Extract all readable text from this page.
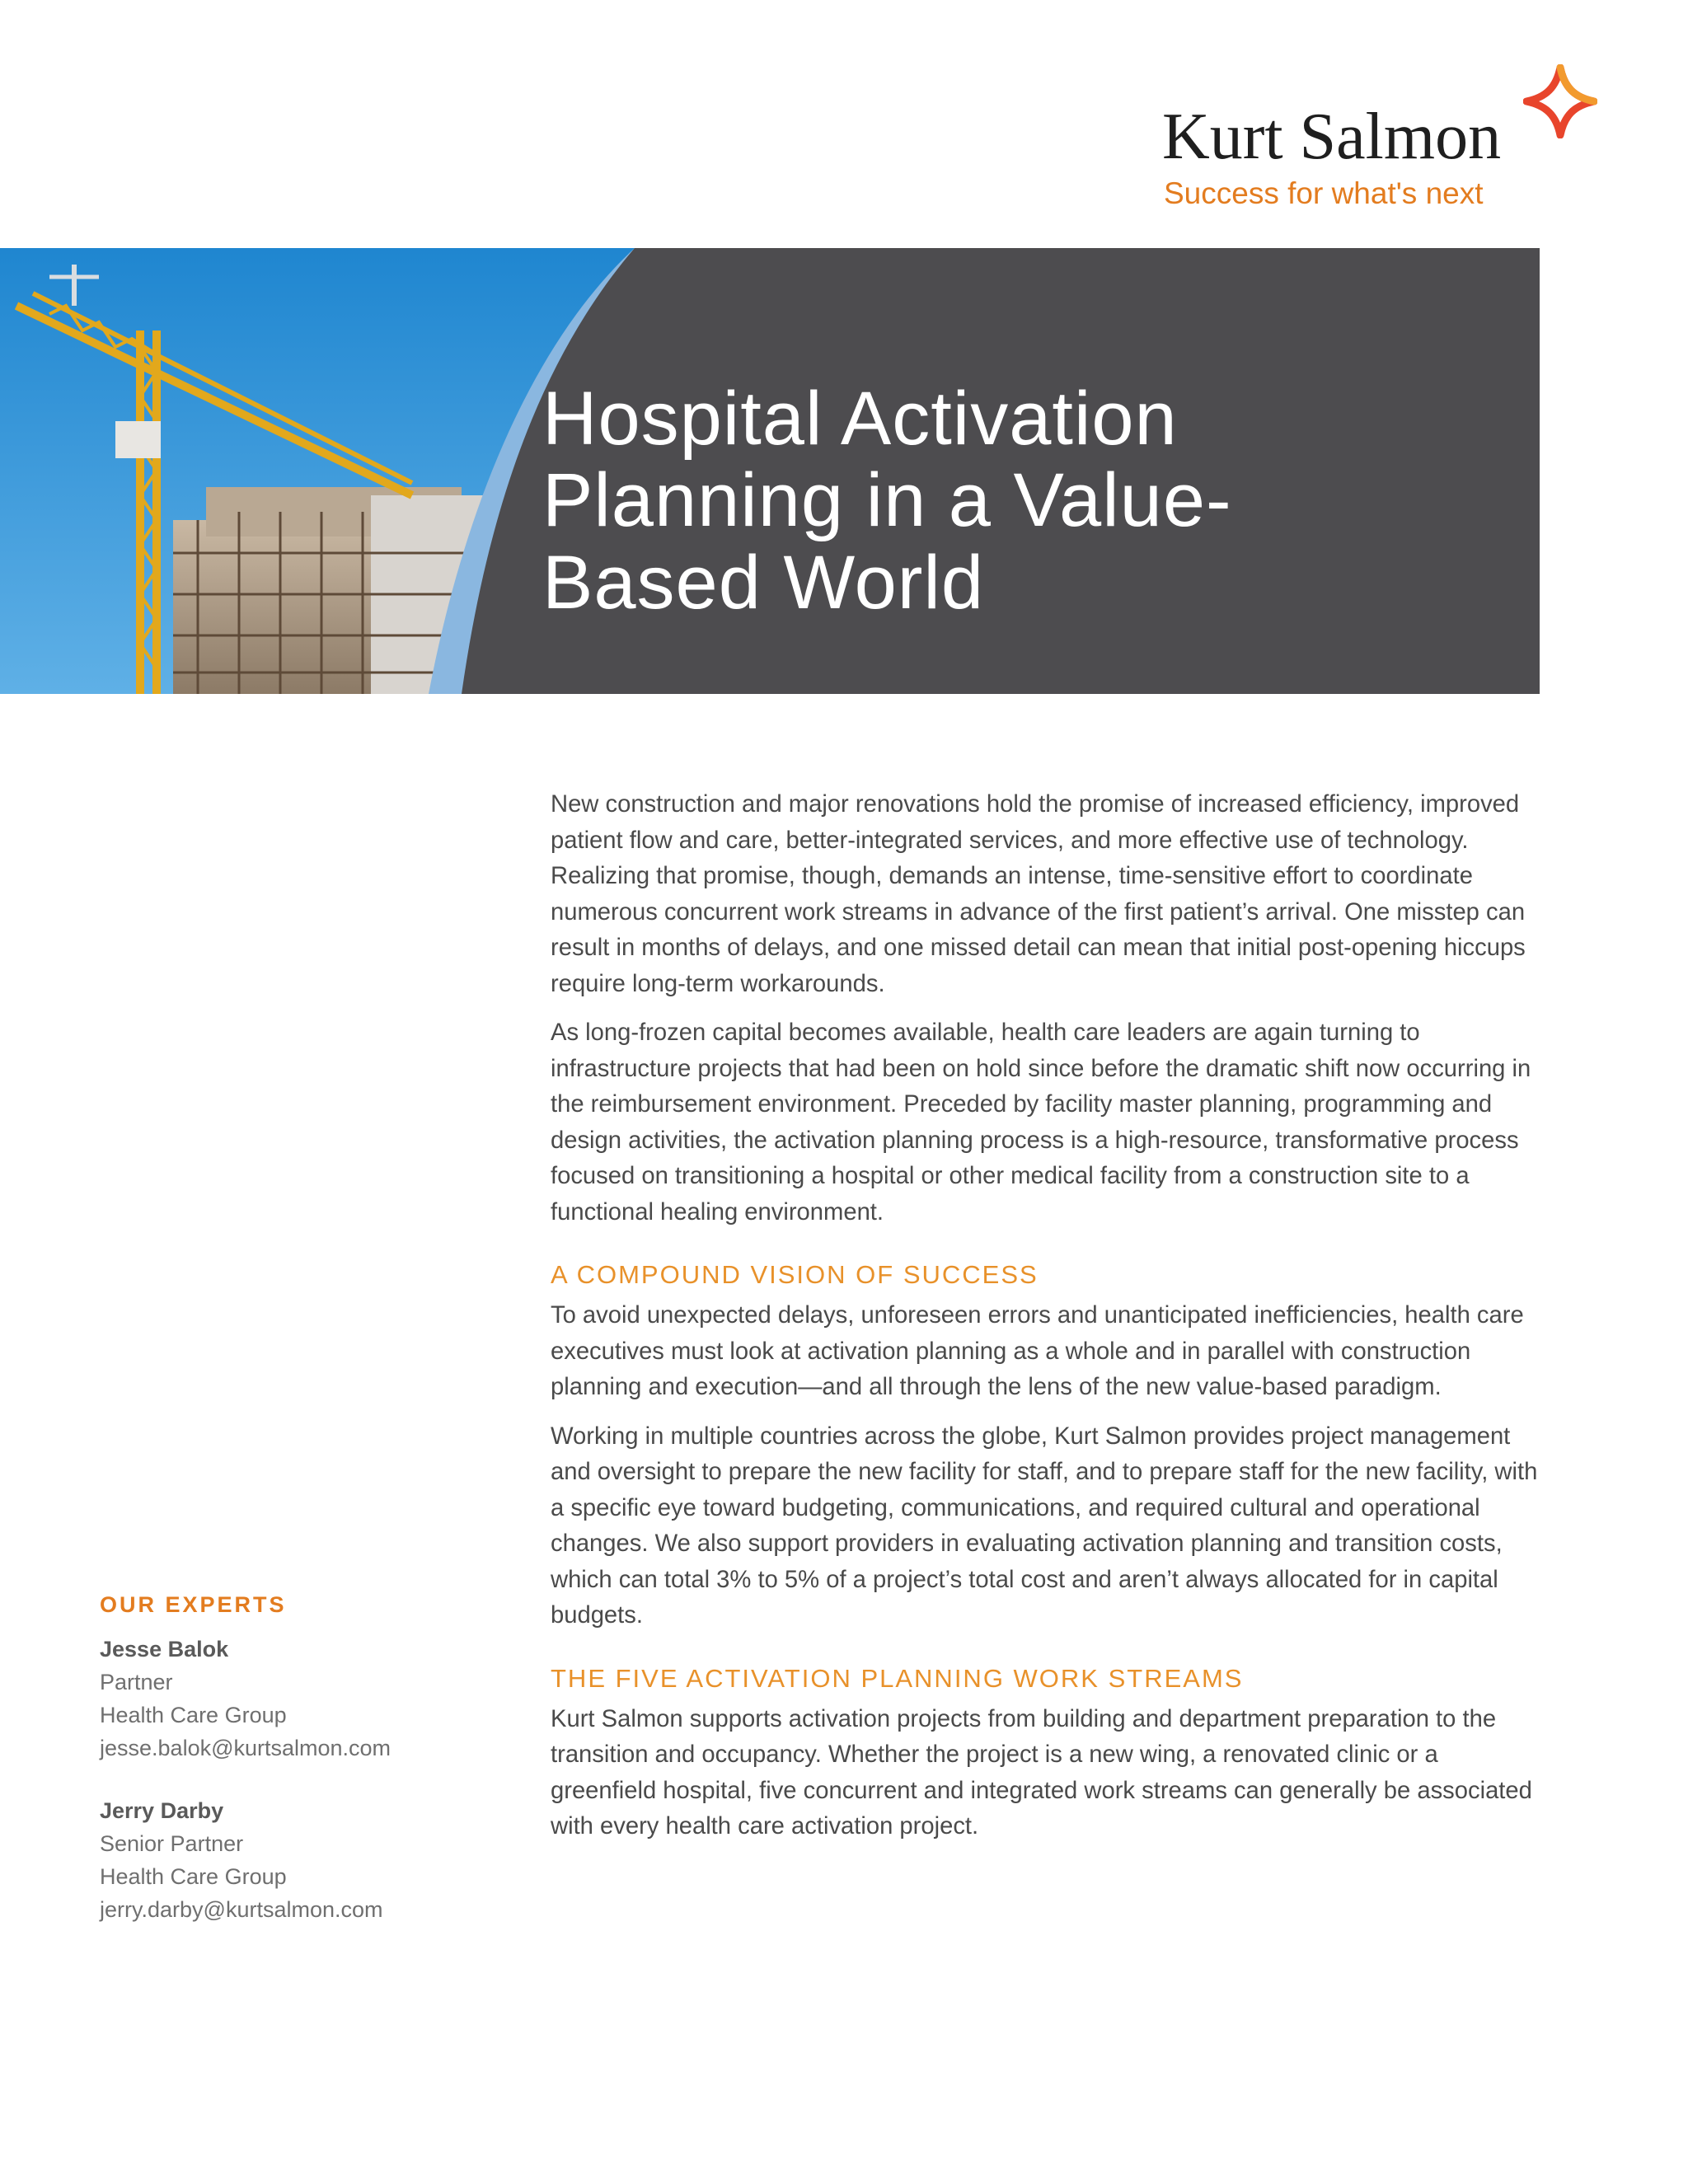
Kurt Salmon
Success for what's next
Hospital Activation
Planning in a Value-
Based World
OUR EXPERTS
Jesse Balok
Partner
Health Care Group
jesse.balok@kurtsalmon.com
Jerry Darby
Senior Partner
Health Care Group
jerry.darby@kurtsalmon.com

New construction and major renovations hold the promise of increased efficiency, improved patient flow and care, better-integrated services, and more effective use of technology. Realizing that promise, though, demands an intense, time-sensitive effort to coordinate numerous concurrent work streams in advance of the first patient’s arrival. One misstep can result in months of delays, and one missed detail can mean that initial post-opening hiccups require long-term workarounds.

As long-frozen capital becomes available, health care leaders are again turning to infrastructure projects that had been on hold since before the dramatic shift now occurring in the reimbursement environment. Preceded by facility master planning, programming and design activities, the activation planning process is a high-resource, transformative process focused on transitioning a hospital or other medical facility from a construction site to a functional healing environment.

A COMPOUND VISION OF SUCCESS

To avoid unexpected delays, unforeseen errors and unanticipated inefficiencies, health care executives must look at activation planning as a whole and in parallel with construction planning and execution—and all through the lens of the new value-based paradigm.

Working in multiple countries across the globe, Kurt Salmon provides project management and oversight to prepare the new facility for staff, and to prepare staff for the new facility, with a specific eye toward budgeting, communications, and required cultural and operational changes. We also support providers in evaluating activation planning and transition costs, which can total 3% to 5% of a project’s total cost and aren’t always allocated for in capital budgets.

THE FIVE ACTIVATION PLANNING WORK STREAMS

Kurt Salmon supports activation projects from building and department preparation to the transition and occupancy. Whether the project is a new wing, a renovated clinic or a greenfield hospital, five concurrent and integrated work streams can generally be associated with every health care activation project.
